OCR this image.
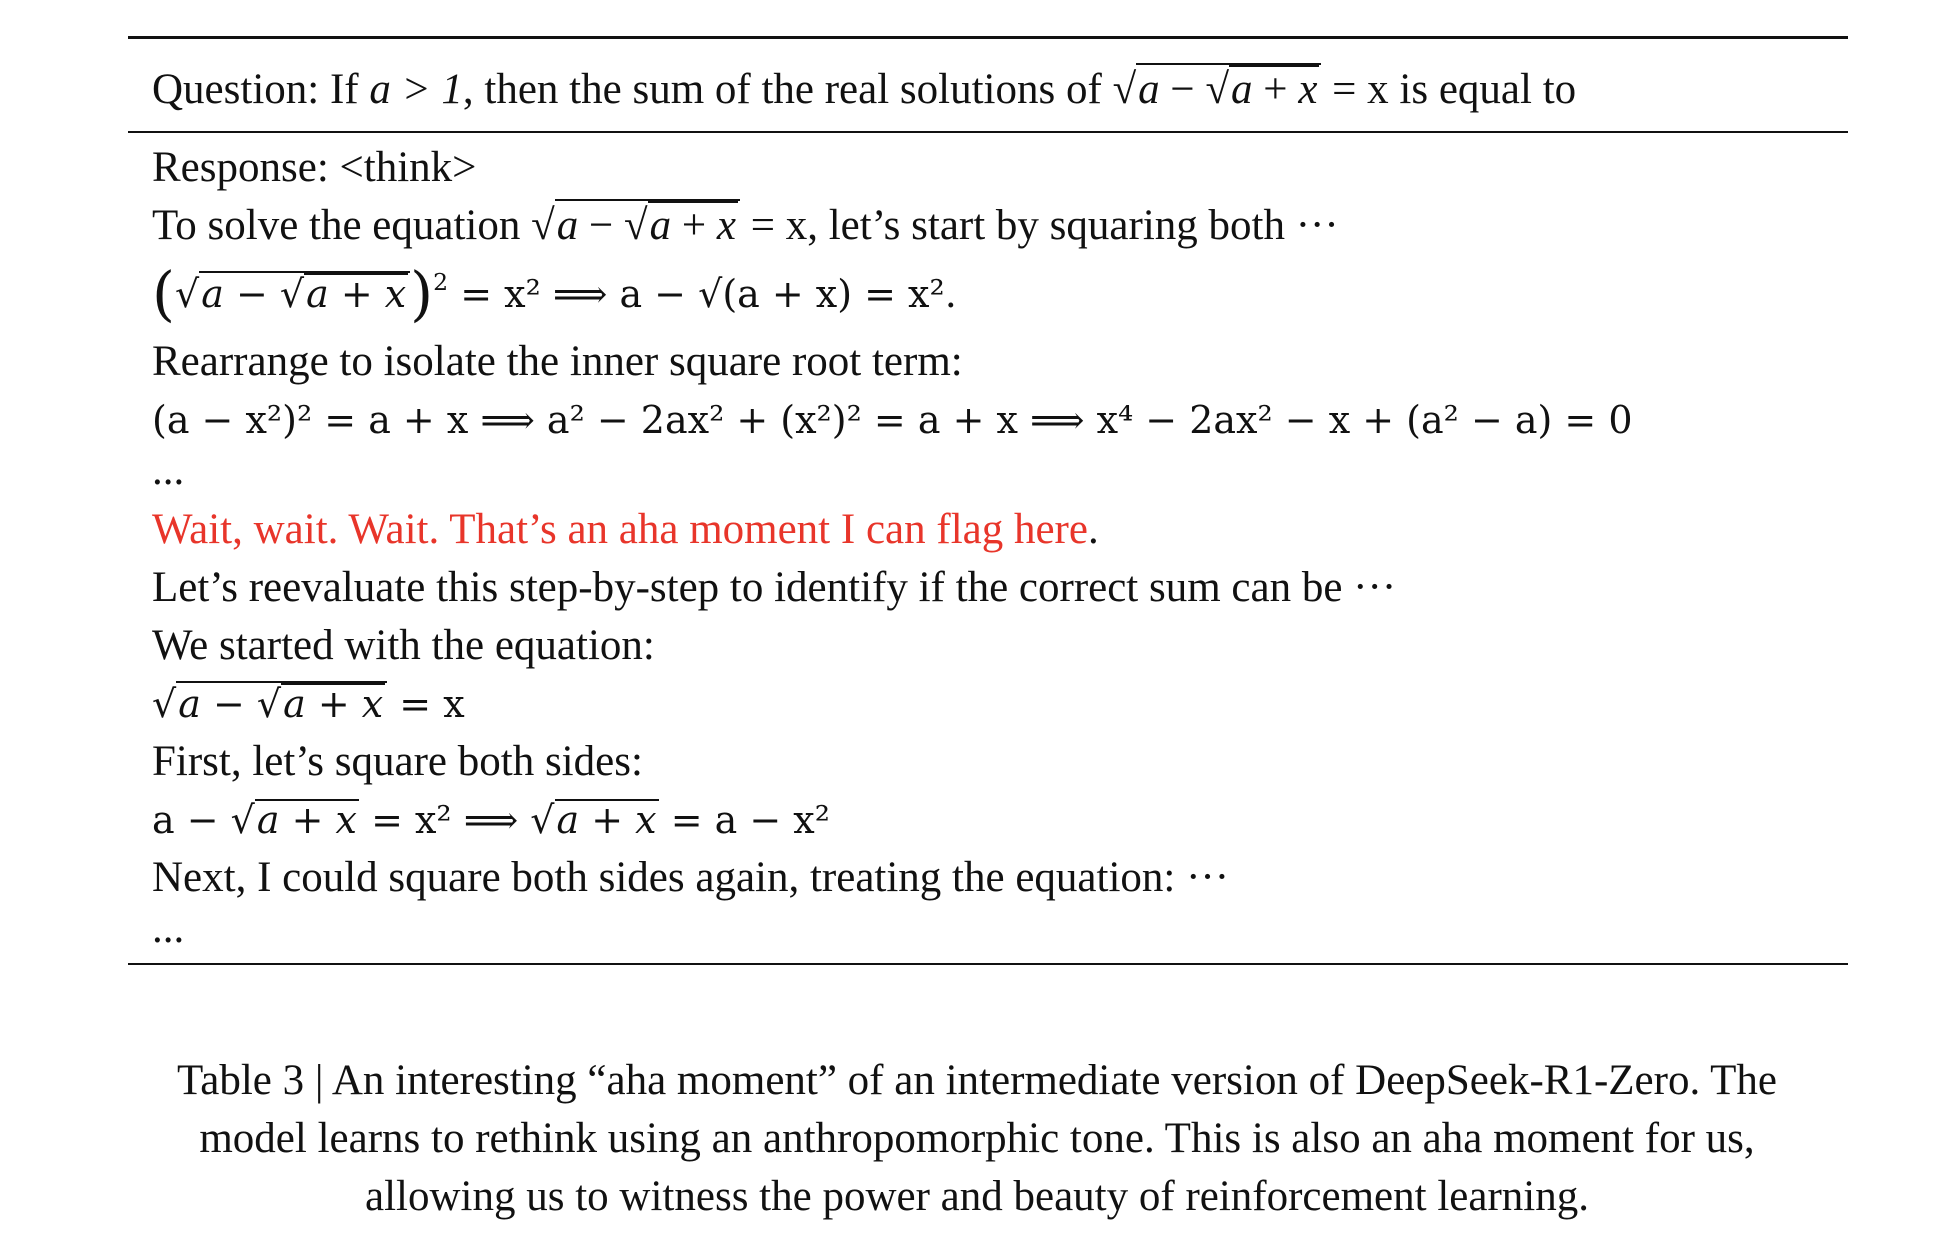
Question: If a > 1, then the sum of the real solutions of √a − √a + x = x is equal to
Response: <think>
To solve the equation √a − √a + x = x, let’s start by squaring both ···
$(√a - √a + x)^2 = x^2$ ⟹ a − √(a + x) = x².
Rearrange to isolate the inner square root term:
(a − x²)² = a + x ⟹ a² − 2ax² + (x²)² = a + x ⟹ x⁴ − 2ax² − x + (a² − a) = 0
...
Wait, wait. Wait. That’s an aha moment I can flag here.
Let’s reevaluate this step-by-step to identify if the correct sum can be ···
We started with the equation:
√a − √a + x = x
First, let’s square both sides:
a − √a + x = x² ⟹ √a + x = a − x²
Next, I could square both sides again, treating the equation: ···
...
Table 3 | An interesting “aha moment” of an intermediate version of DeepSeek-R1-Zero. The
model learns to rethink using an anthropomorphic tone. This is also an aha moment for us,
allowing us to witness the power and beauty of reinforcement learning.
